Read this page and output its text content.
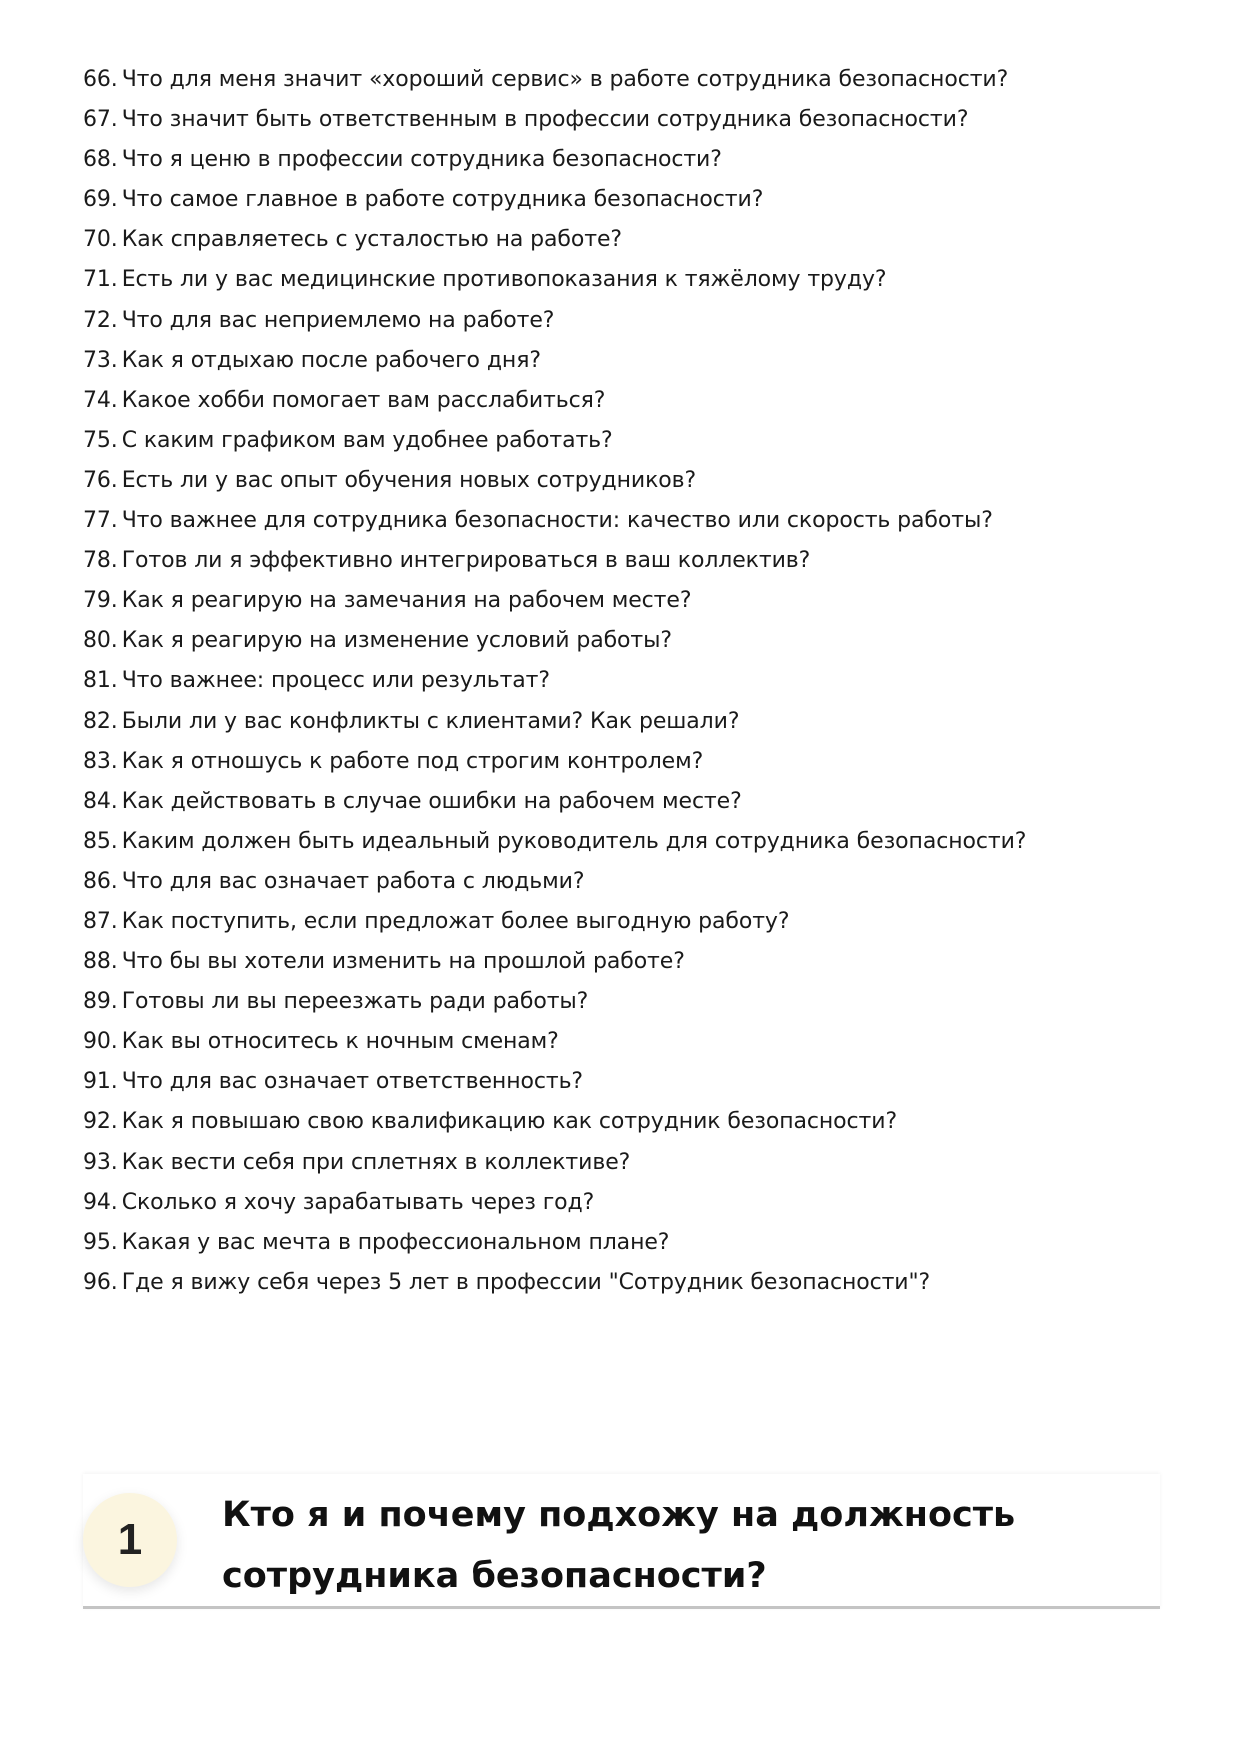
66. Что для меня значит «хороший сервис» в работе сотрудника безопасности?
67. Что значит быть ответственным в профессии сотрудника безопасности?
68. Что я ценю в профессии сотрудника безопасности?
69. Что самое главное в работе сотрудника безопасности?
70. Как справляетесь с усталостью на работе?
71. Есть ли у вас медицинские противопоказания к тяжёлому труду?
72. Что для вас неприемлемо на работе?
73. Как я отдыхаю после рабочего дня?
74. Какое хобби помогает вам расслабиться?
75. С каким графиком вам удобнее работать?
76. Есть ли у вас опыт обучения новых сотрудников?
77. Что важнее для сотрудника безопасности: качество или скорость работы?
78. Готов ли я эффективно интегрироваться в ваш коллектив?
79. Как я реагирую на замечания на рабочем месте?
80. Как я реагирую на изменение условий работы?
81. Что важнее: процесс или результат?
82. Были ли у вас конфликты с клиентами? Как решали?
83. Как я отношусь к работе под строгим контролем?
84. Как действовать в случае ошибки на рабочем месте?
85. Каким должен быть идеальный руководитель для сотрудника безопасности?
86. Что для вас означает работа с людьми?
87. Как поступить, если предложат более выгодную работу?
88. Что бы вы хотели изменить на прошлой работе?
89. Готовы ли вы переезжать ради работы?
90. Как вы относитесь к ночным сменам?
91. Что для вас означает ответственность?
92. Как я повышаю свою квалификацию как сотрудник безопасности?
93. Как вести себя при сплетнях в коллективе?
94. Сколько я хочу зарабатывать через год?
95. Какая у вас мечта в профессиональном плане?
96. Где я вижу себя через 5 лет в профессии "Сотрудник безопасности"?
1	Кто я и почему подхожу на должность
сотрудника безопасности?
